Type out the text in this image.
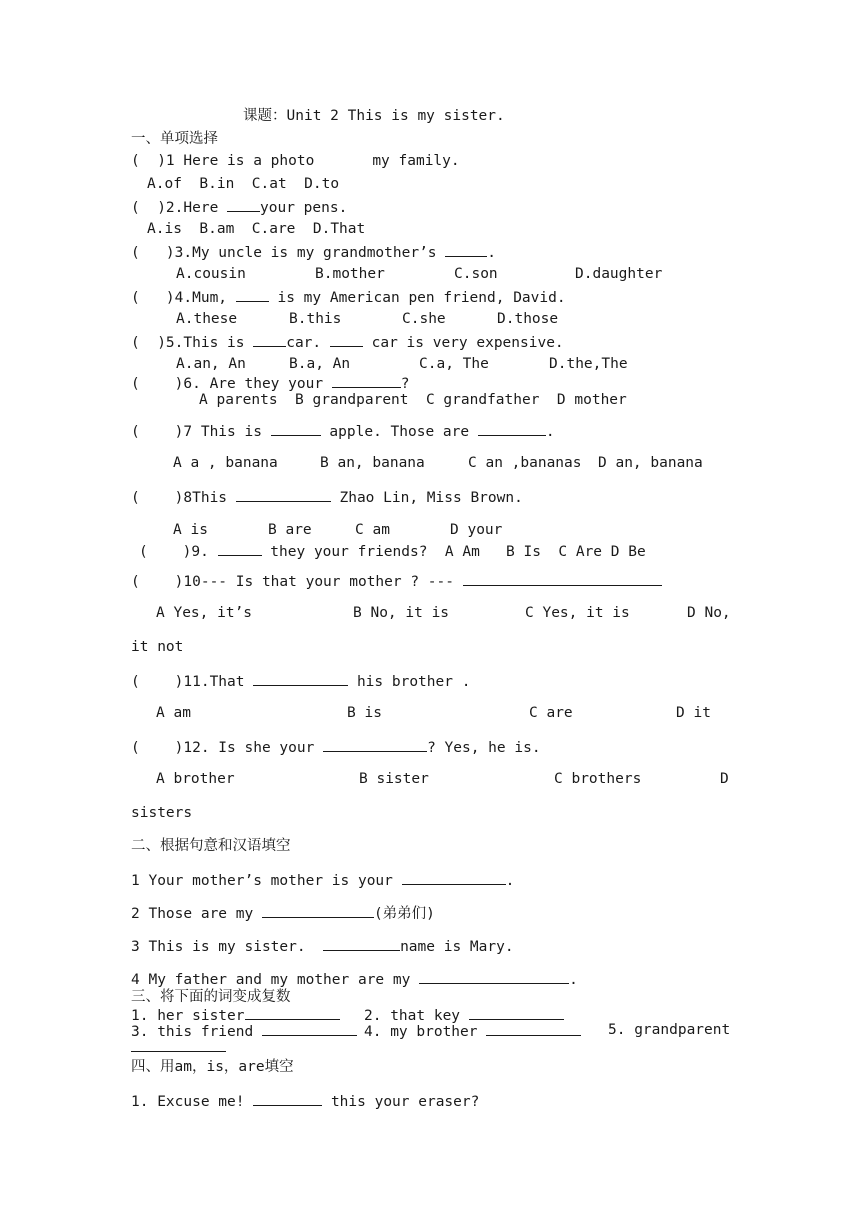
课题：Unit 2 This is my sister.
一、单项选择
(  )1 Here is a photo	my family.
A.of  B.in  C.at  D.to
(  )2.Here your pens.
A.is  B.am  C.are  D.That
(   )3.My uncle is my grandmother’s	.
A.cousin	B.mother	C.son	D.daughter
(   )4.Mum,  is my American pen friend, David.
A.these	B.this	C.she	D.those
(  )5.This is car.  car is very expensive.
A.an, An	B.a, An	C.a, The	D.the,The
(    )6. Are they your	?
A parents  B grandparent  C grandfather  D mother
(    )7 This is	apple. Those are	.
A a , banana	B an, banana	C an ,bananas D an, banana
(    )8This	Zhao Lin, Miss Brown.
A is	B are	C am	D your
(    )9.	they your friends?  A Am   B Is  C Are D Be
(    )10--- Is that your mother ? ---
A Yes, it’s	B No, it is	C Yes, it is	D No,
it not
(    )11.That	his brother .
A am	B is	C are	D it
(    )12. Is she your	? Yes, he is.
A brother	B sister	C brothers	D
sisters
二、根据句意和汉语填空
1 Your mother’s mother is your	.
2 Those are my	(弟弟们)
3 This is my sister.	name is Mary.
4 My father and my mother are my	.
三、将下面的词变成复数
1. her sister	2. that key
3. this friend	4. my brother	5. grandparent
四、用am，is，are填空
1. Excuse me!	this your eraser?
